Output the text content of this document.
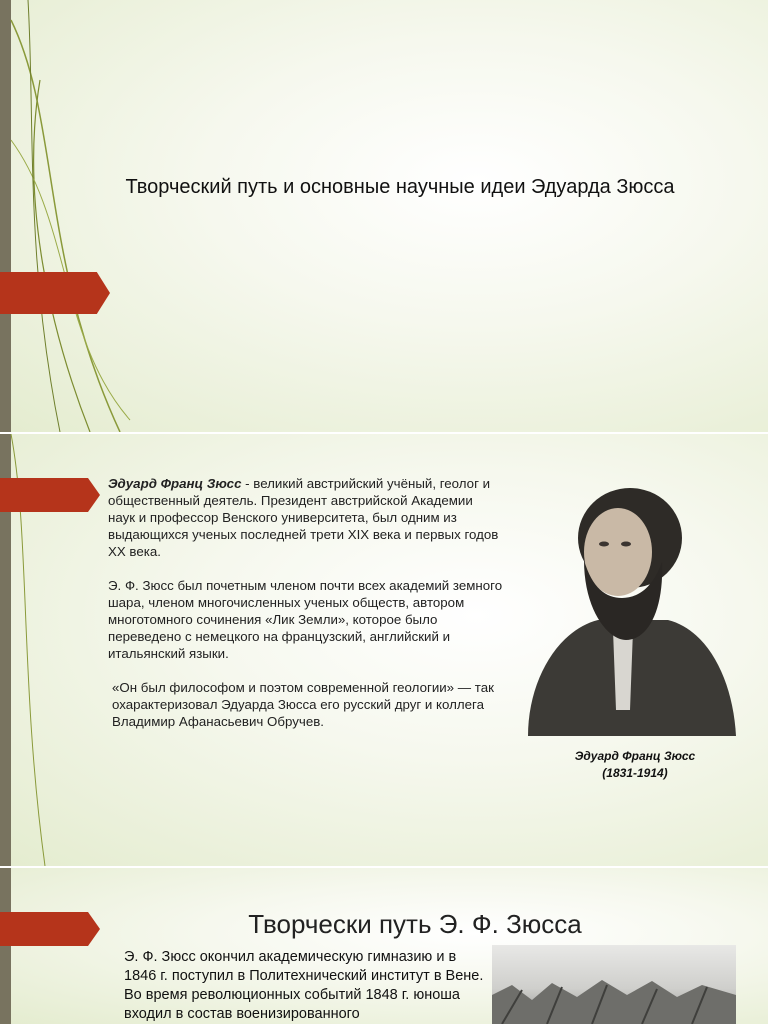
Творческий путь и основные научные идеи Эдуарда Зюсса

Эдуард Франц Зюсс - великий австрийский учёный, геолог и общественный деятель. Президент австрийской Академии наук и профессор Венского университета, был одним из выдающихся ученых последней трети XIX века и первых годов XX века.

Э. Ф. Зюсс был почетным членом почти всех академий земного шара, членом многочисленных ученых обществ, автором многотомного сочинения «Лик Земли», которое было переведено с немецкого на французский, английский и итальянский языки.

«Он был философом и поэтом современной геологии» — так охарактеризовал Эдуарда Зюсса его русский друг и коллега Владимир Афанасьевич Обручев.

Эдуард Франц Зюсс
(1831-1914)
Творчески путь Э. Ф. Зюсса
Э. Ф. Зюсс окончил академическую гимназию и в 1846 г. поступил в Политехнический институт в Вене. Во время революционных событий 1848 г. юноша входил в состав военизированного
